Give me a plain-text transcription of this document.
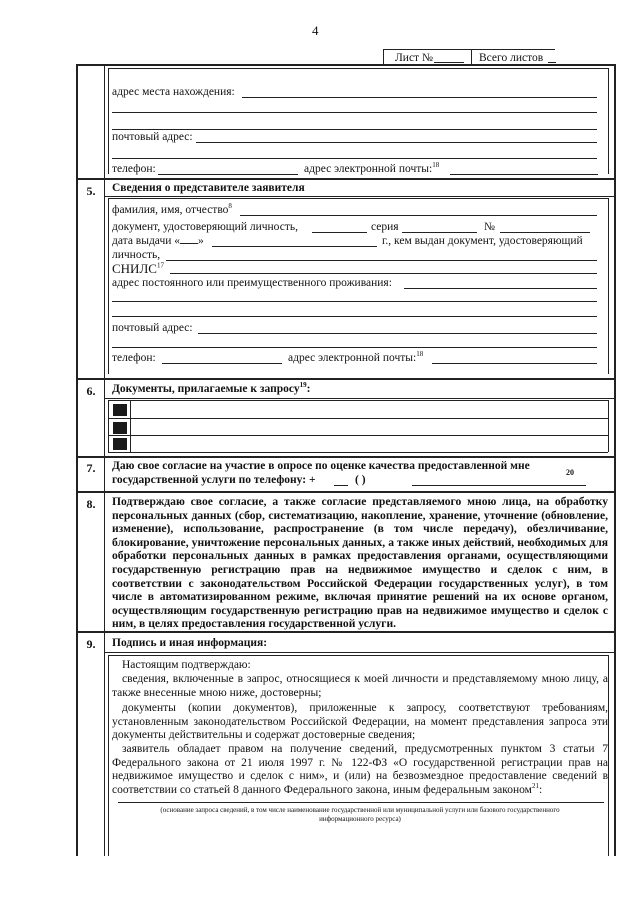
4
Лист №	Всего листов
адрес места нахождения:
почтовый адрес:
телефон:	адрес электронной почты:$^{18}$
5.	Сведения о представителе заявителя
фамилия, имя, отчество$^8$
документ, удостоверяющий личность,	серия	№
дата выдачи « »	г., кем выдан документ, удостоверяющий
личность,
СНИЛС$^{17}$
адрес постоянного или преимущественного проживания:
почтовый адрес:
телефон:	адрес электронной почты:$^{18}$
6.	Документы, прилагаемые к запросу$^{19}$:
7.	Даю свое согласие на участие в опросе по оценке качества предоставленной мне
государственной услуги по телефону: +	( )
20
8.	Подтверждаю свое согласие, а также согласие представляемого мною лица, на обработку персональных данных (сбор, систематизацию, накопление, хранение, уточнение (обновление, изменение), использование, распространение (в том числе передачу), обезличивание, блокирование, уничтожение персональных данных, а также иных действий, необходимых для обработки персональных данных в рамках предоставления органами, осуществляющими государственную регистрацию прав на недвижимое имущество и сделок с ним, в соответствии с законодательством Российской Федерации государственных услуг), в том числе в автоматизированном режиме, включая принятие решений на их основе органом, осуществляющим государственную регистрацию прав на недвижимое имущество и сделок с ним, в целях предоставления государственной услуги.
9.	Подпись и иная информация:
Настоящим подтверждаю:
сведения, включенные в запрос, относящиеся к моей личности и представляемому мною лицу, а также внесенные мною ниже, достоверны;
документы (копии документов), приложенные к запросу, соответствуют требованиям, установленным законодательством Российской Федерации, на момент представления запроса эти документы действительны и содержат достоверные сведения;
заявитель обладает правом на получение сведений, предусмотренных пунктом 3 статьи 7 Федерального закона от 21 июля 1997 г. № 122-ФЗ «О государственной регистрации прав на недвижимое имущество и сделок с ним», и (или) на безвозмездное предоставление сведений в соответствии со статьей 8 данного Федерального закона, иным федеральным законом$^{21}$:
(основание запроса сведений, в том числе наименование государственной или муниципальной услуги или базового государственного информационного ресурса)
